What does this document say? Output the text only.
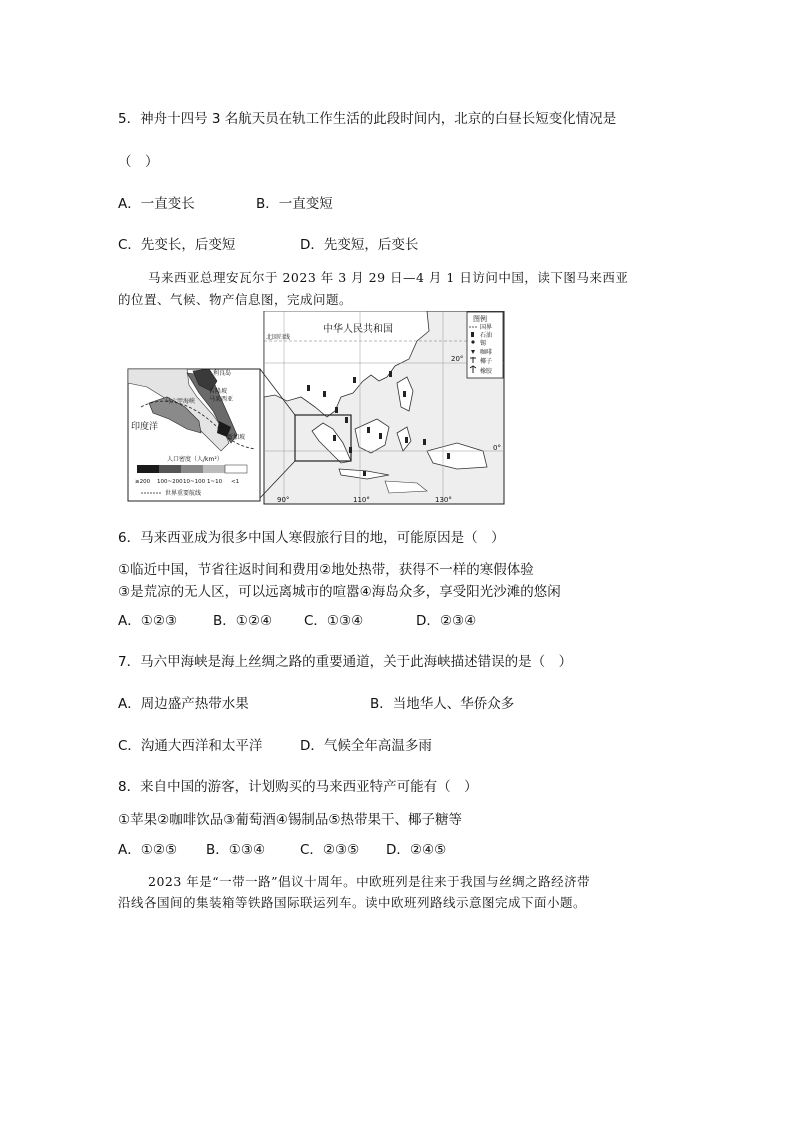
5．神舟十四号 3 名航天员在轨工作生活的此段时间内，北京的白昼长短变化情况是
（　）
A．一直变长	B．一直变短
C．先变长，后变短	D．先变短，后变长
马来西亚总理安瓦尔于 2023 年 3 月 29 日—4 月 1 日访问中国，读下图马来西亚
的位置、气候、物产信息图，完成问题。
中华人民共和国
北回归线
20°
0°
90°	110°	130°
图例
国界
石油
锡
咖啡
椰子
橡胶
利良岛
吉隆坡
马来西亚
马六甲海峡
印度洋
新加坡
人口密度（人/km²）
≥200 100~200 10~100 1~10 <1
世界重要航线
6．马来西亚成为很多中国人寒假旅行目的地，可能原因是（　）
①临近中国，节省往返时间和费用②地处热带，获得不一样的寒假体验
③是荒凉的无人区，可以远离城市的喧嚣④海岛众多，享受阳光沙滩的悠闲
A．①②③	B．①②④ C．①③④	D．②③④
7．马六甲海峡是海上丝绸之路的重要通道，关于此海峡描述错误的是（　）
A．周边盛产热带水果	B．当地华人、华侨众多
C．沟通大西洋和太平洋	D．气候全年高温多雨
8．来自中国的游客，计划购买的马来西亚特产可能有（　）
①苹果②咖啡饮品③葡萄酒④锡制品⑤热带果干、椰子糖等
A．①②⑤ B．①③④	C．②③⑤ D．②④⑤
2023 年是“一带一路”倡议十周年。中欧班列是往来于我国与丝绸之路经济带
沿线各国间的集装箱等铁路国际联运列车。读中欧班列路线示意图完成下面小题。
